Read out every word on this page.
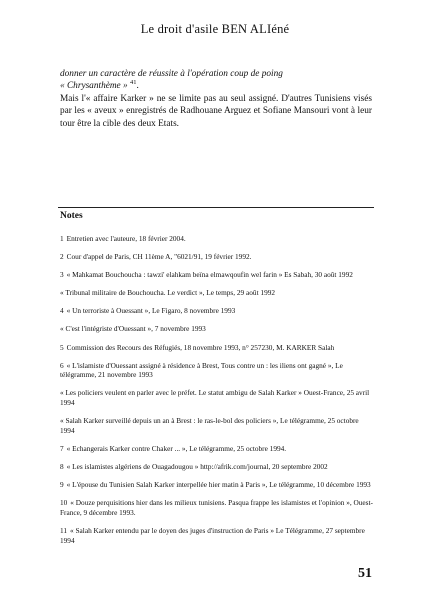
Le droit d'asile BEN ALIéné

donner un caractère de réussite à l'opération coup de poing

« Chrysanthème » $^{41}$.

Mais l'« affaire Karker » ne se limite pas au seul assigné. D'autres Tunisiens visés par les « aveux » enregistrés de Radhouane Arguez et Sofiane Mansouri vont à leur tour être la cible des deux Etats.

Notes

1 Entretien avec l'auteure, 18 février 2004.

2 Cour d'appel de Paris, CH 11ème A, "6021/91, 19 février 1992.

3 « Mahkamat Bouchoucha : tawzi' elahkam beïna elmawqoufin wel farin » Es Sabah, 30 août 1992

« Tribunal militaire de Bouchoucha. Le verdict », Le temps, 29 août 1992

4 « Un terroriste à Ouessant », Le Figaro, 8 novembre 1993

« C'est l'intégriste d'Ouessant », 7 novembre 1993

5 Commission des Recours des Réfugiés, 18 novembre 1993, n° 257230, M. KARKER Salah

6 « L'islamiste d'Ouessant assigné à résidence à Brest, Tous contre un : les iliens ont gagné », Le télégramme, 21 novembre 1993

« Les policiers veulent en parler avec le préfet. Le statut ambigu de Salah Karker » Ouest-France, 25 avril 1994

« Salah Karker surveillé depuis un an à Brest : le ras-le-bol des policiers », Le télégramme, 25 octobre 1994

7 « Echangerais Karker contre Chaker ... », Le télégramme, 25 octobre 1994.

8 « Les islamistes algériens de Ouagadougou » http://afrik.com/journal, 20 septembre 2002

9 « L'épouse du Tunisien Salah Karker interpellée hier matin à Paris », Le télégramme, 10 décembre 1993

10 « Douze perquisitions hier dans les milieux tunisiens. Pasqua frappe les islamistes et l'opinion », Ouest-France, 9 décembre 1993.

11 « Salah Karker entendu par le doyen des juges d'instruction de Paris » Le Télégramme, 27 septembre 1994

51
